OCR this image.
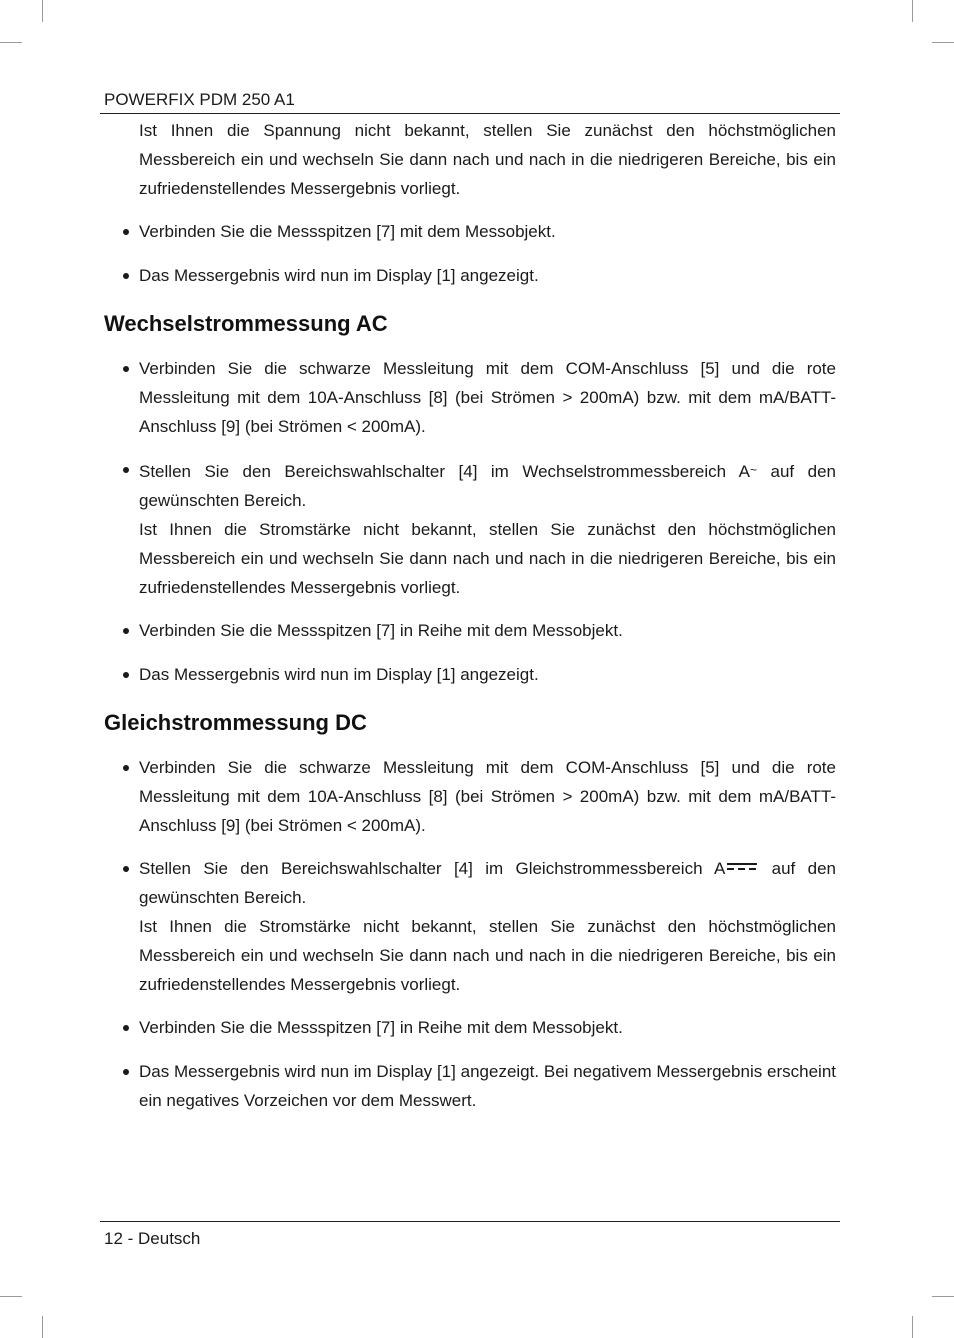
POWERFIX PDM 250 A1

Ist Ihnen die Spannung nicht bekannt, stellen Sie zunächst den höchstmöglichen Messbereich ein und wechseln Sie dann nach und nach in die niedrigeren Bereiche, bis ein zufriedenstellendes Messergebnis vorliegt.

Verbinden Sie die Messspitzen [7] mit dem Messobjekt.

Das Messergebnis wird nun im Display [1] angezeigt.

Wechselstrommessung AC

Verbinden Sie die schwarze Messleitung mit dem COM-Anschluss [5] und die rote Messleitung mit dem 10A-Anschluss [8] (bei Strömen > 200mA) bzw. mit dem mA/BATT-Anschluss [9] (bei Strömen < 200mA).

Stellen Sie den Bereichswahlschalter [4] im Wechselstrommessbereich A~ auf den gewünschten Bereich.

Ist Ihnen die Stromstärke nicht bekannt, stellen Sie zunächst den höchstmöglichen Messbereich ein und wechseln Sie dann nach und nach in die niedrigeren Bereiche, bis ein zufriedenstellendes Messergebnis vorliegt.

Verbinden Sie die Messspitzen [7] in Reihe mit dem Messobjekt.

Das Messergebnis wird nun im Display [1] angezeigt.

Gleichstrommessung DC

Verbinden Sie die schwarze Messleitung mit dem COM-Anschluss [5] und die rote Messleitung mit dem 10A-Anschluss [8] (bei Strömen > 200mA) bzw. mit dem mA/BATT-Anschluss [9] (bei Strömen < 200mA).

Stellen Sie den Bereichswahlschalter [4] im Gleichstrommessbereich A
auf den gewünschten Bereich.

Ist Ihnen die Stromstärke nicht bekannt, stellen Sie zunächst den höchstmöglichen Messbereich ein und wechseln Sie dann nach und nach in die niedrigeren Bereiche, bis ein zufriedenstellendes Messergebnis vorliegt.

Verbinden Sie die Messspitzen [7] in Reihe mit dem Messobjekt.

Das Messergebnis wird nun im Display [1] angezeigt. Bei negativem Messergebnis erscheint ein negatives Vorzeichen vor dem Messwert.

12 - Deutsch
